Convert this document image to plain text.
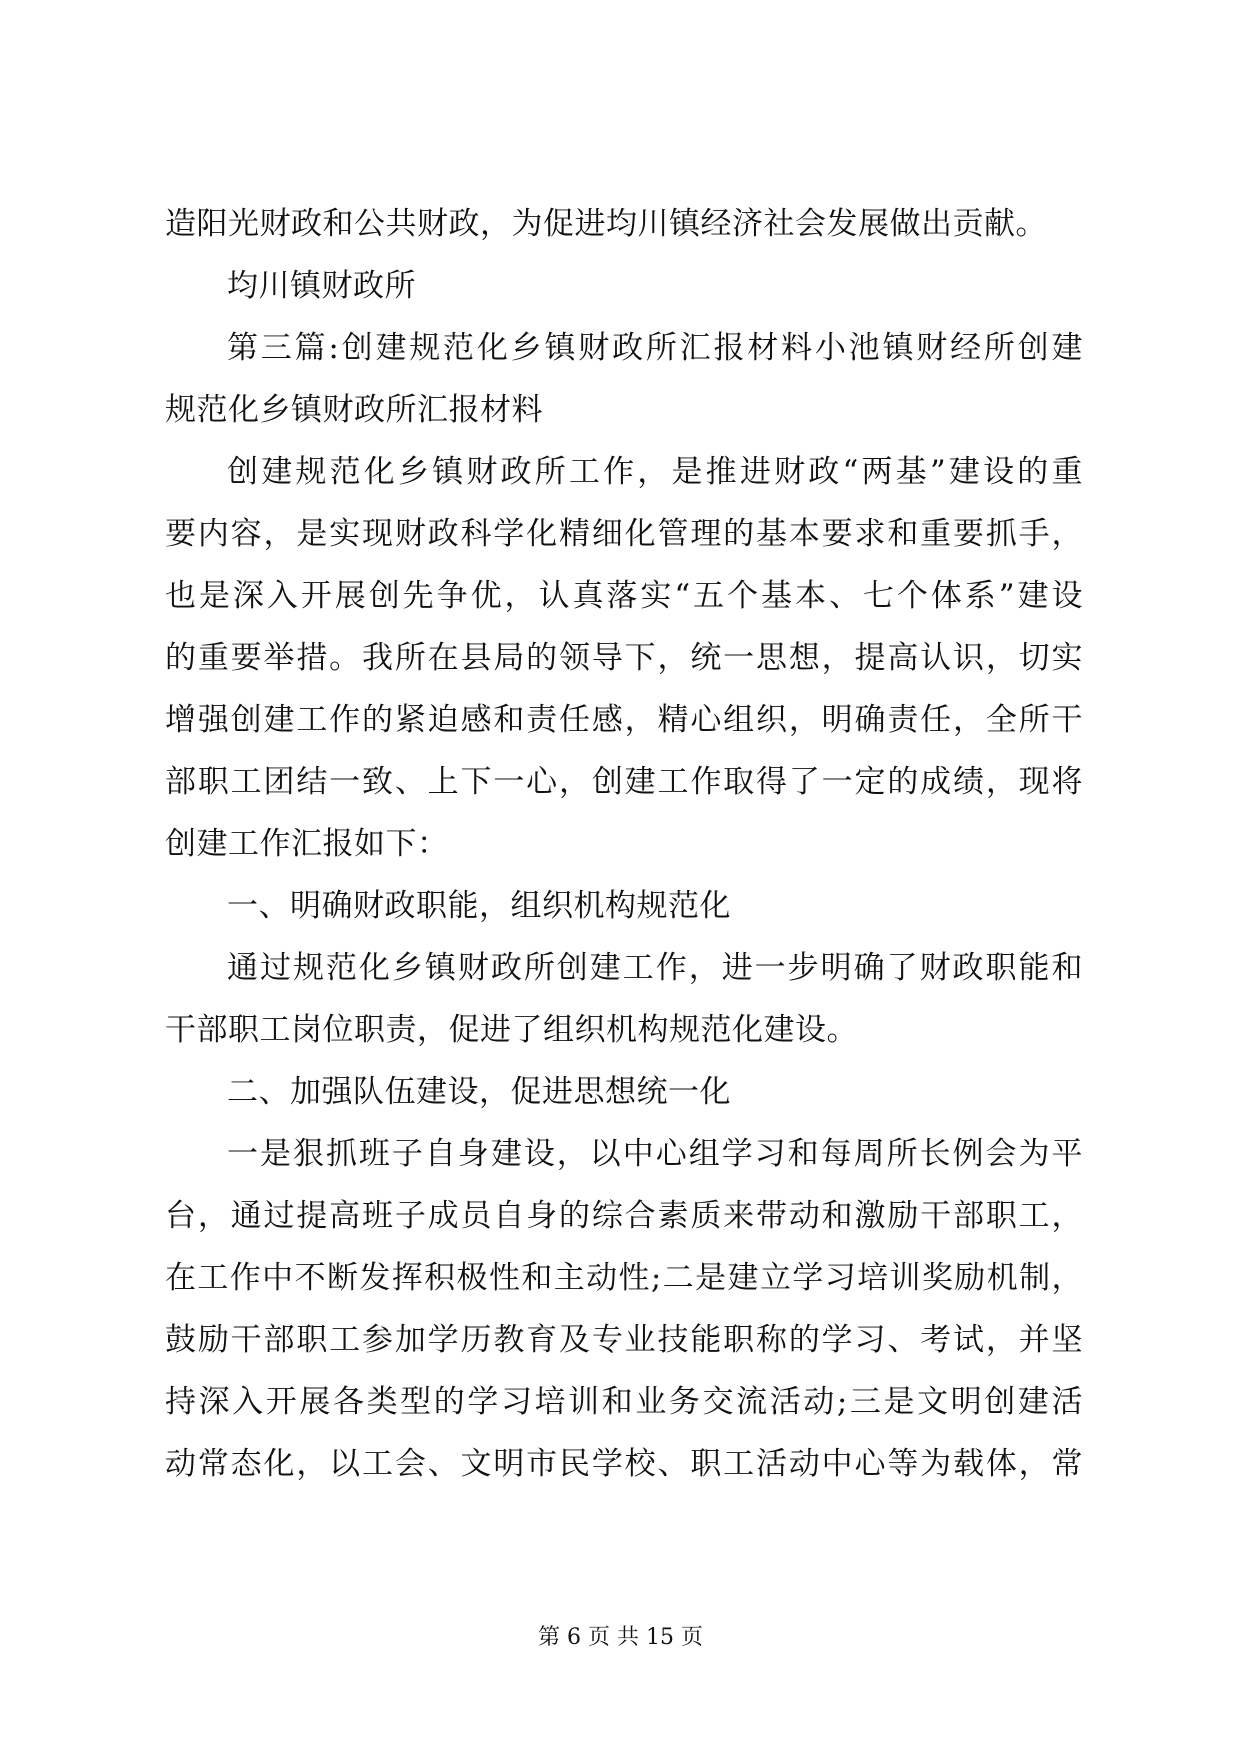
造阳光财政和公共财政，为促进均川镇经济社会发展做出贡献。
均川镇财政所
第三篇:创建规范化乡镇财政所汇报材料小池镇财经所创建
规范化乡镇财政所汇报材料
创建规范化乡镇财政所工作，是推进财政“两基”建设的重
要内容，是实现财政科学化精细化管理的基本要求和重要抓手，
也是深入开展创先争优，认真落实“五个基本、七个体系”建设
的重要举措。我所在县局的领导下，统一思想，提高认识，切实
增强创建工作的紧迫感和责任感，精心组织，明确责任，全所干
部职工团结一致、上下一心，创建工作取得了一定的成绩，现将
创建工作汇报如下：
一、明确财政职能，组织机构规范化
通过规范化乡镇财政所创建工作，进一步明确了财政职能和
干部职工岗位职责，促进了组织机构规范化建设。
二、加强队伍建设，促进思想统一化
一是狠抓班子自身建设，以中心组学习和每周所长例会为平
台，通过提高班子成员自身的综合素质来带动和激励干部职工，
在工作中不断发挥积极性和主动性;二是建立学习培训奖励机制，
鼓励干部职工参加学历教育及专业技能职称的学习、考试，并坚
持深入开展各类型的学习培训和业务交流活动;三是文明创建活
动常态化，以工会、文明市民学校、职工活动中心等为载体，常
第 6 页 共 15 页
